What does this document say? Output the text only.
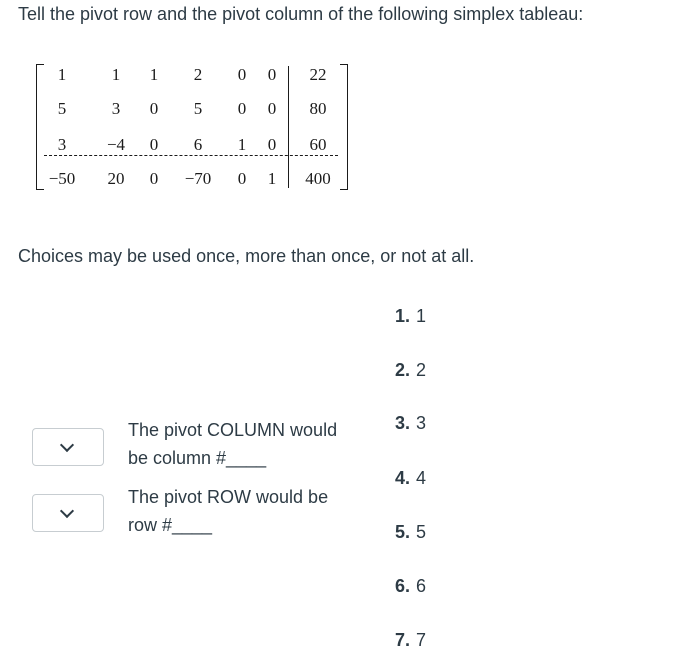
Tell the pivot row and the pivot column of the following simplex tableau:
1	1	1	2	0	0	22
5	3	0	5	0	0	80
3	−4	0	6	1	0	60
−50	20	0	−70	0	1	400
Choices may be used once, more than once, or not at all.
The pivot COLUMN would
be column #____
The pivot ROW would be
row #____
1. 1
2. 2
3. 3
4. 4
5. 5
6. 6
7. 7
